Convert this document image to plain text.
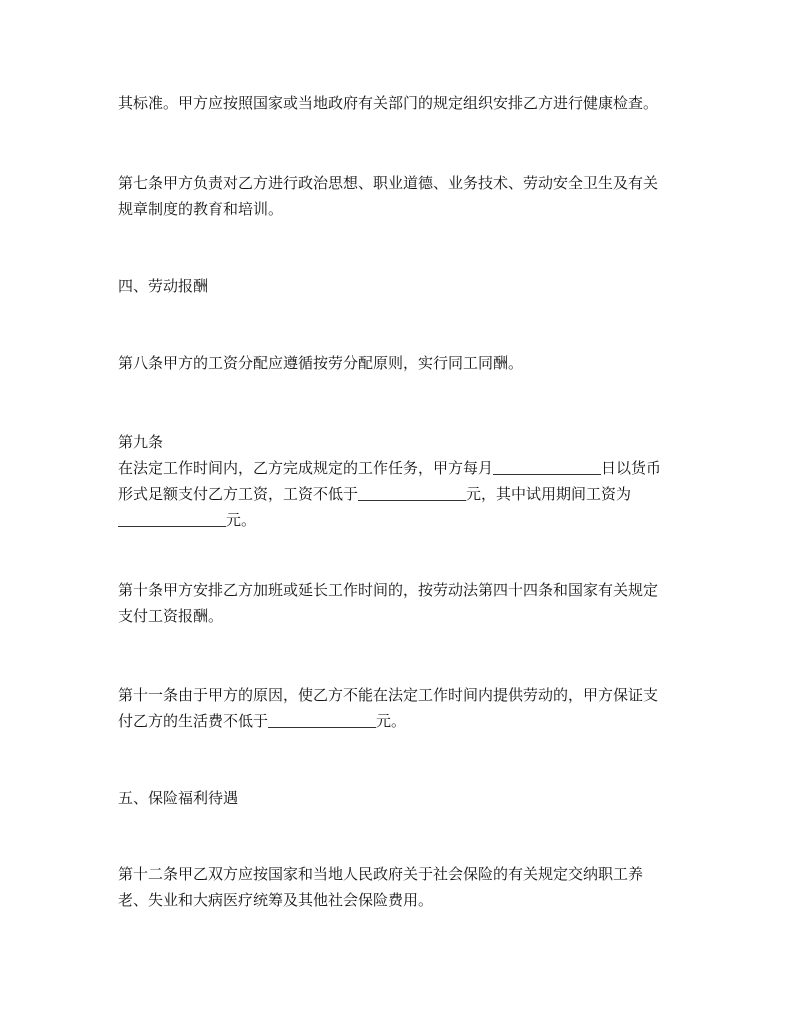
其标准。甲方应按照国家或当地政府有关部门的规定组织安排乙方进行健康检查。

第七条甲方负责对乙方进行政治思想、职业道德、业务技术、劳动安全卫生及有关
规章制度的教育和培训。

四、劳动报酬

第八条甲方的工资分配应遵循按劳分配原则，实行同工同酬。

第九条
在法定工作时间内，乙方完成规定的工作任务，甲方每月	日以货币
形式足额支付乙方工资，工资不低于	元，其中试用期间工资为
元。

第十条甲方安排乙方加班或延长工作时间的，按劳动法第四十四条和国家有关规定
支付工资报酬。

第十一条由于甲方的原因，使乙方不能在法定工作时间内提供劳动的，甲方保证支
付乙方的生活费不低于	元。

五、保险福利待遇

第十二条甲乙双方应按国家和当地人民政府关于社会保险的有关规定交纳职工养
老、失业和大病医疗统筹及其他社会保险费用。
